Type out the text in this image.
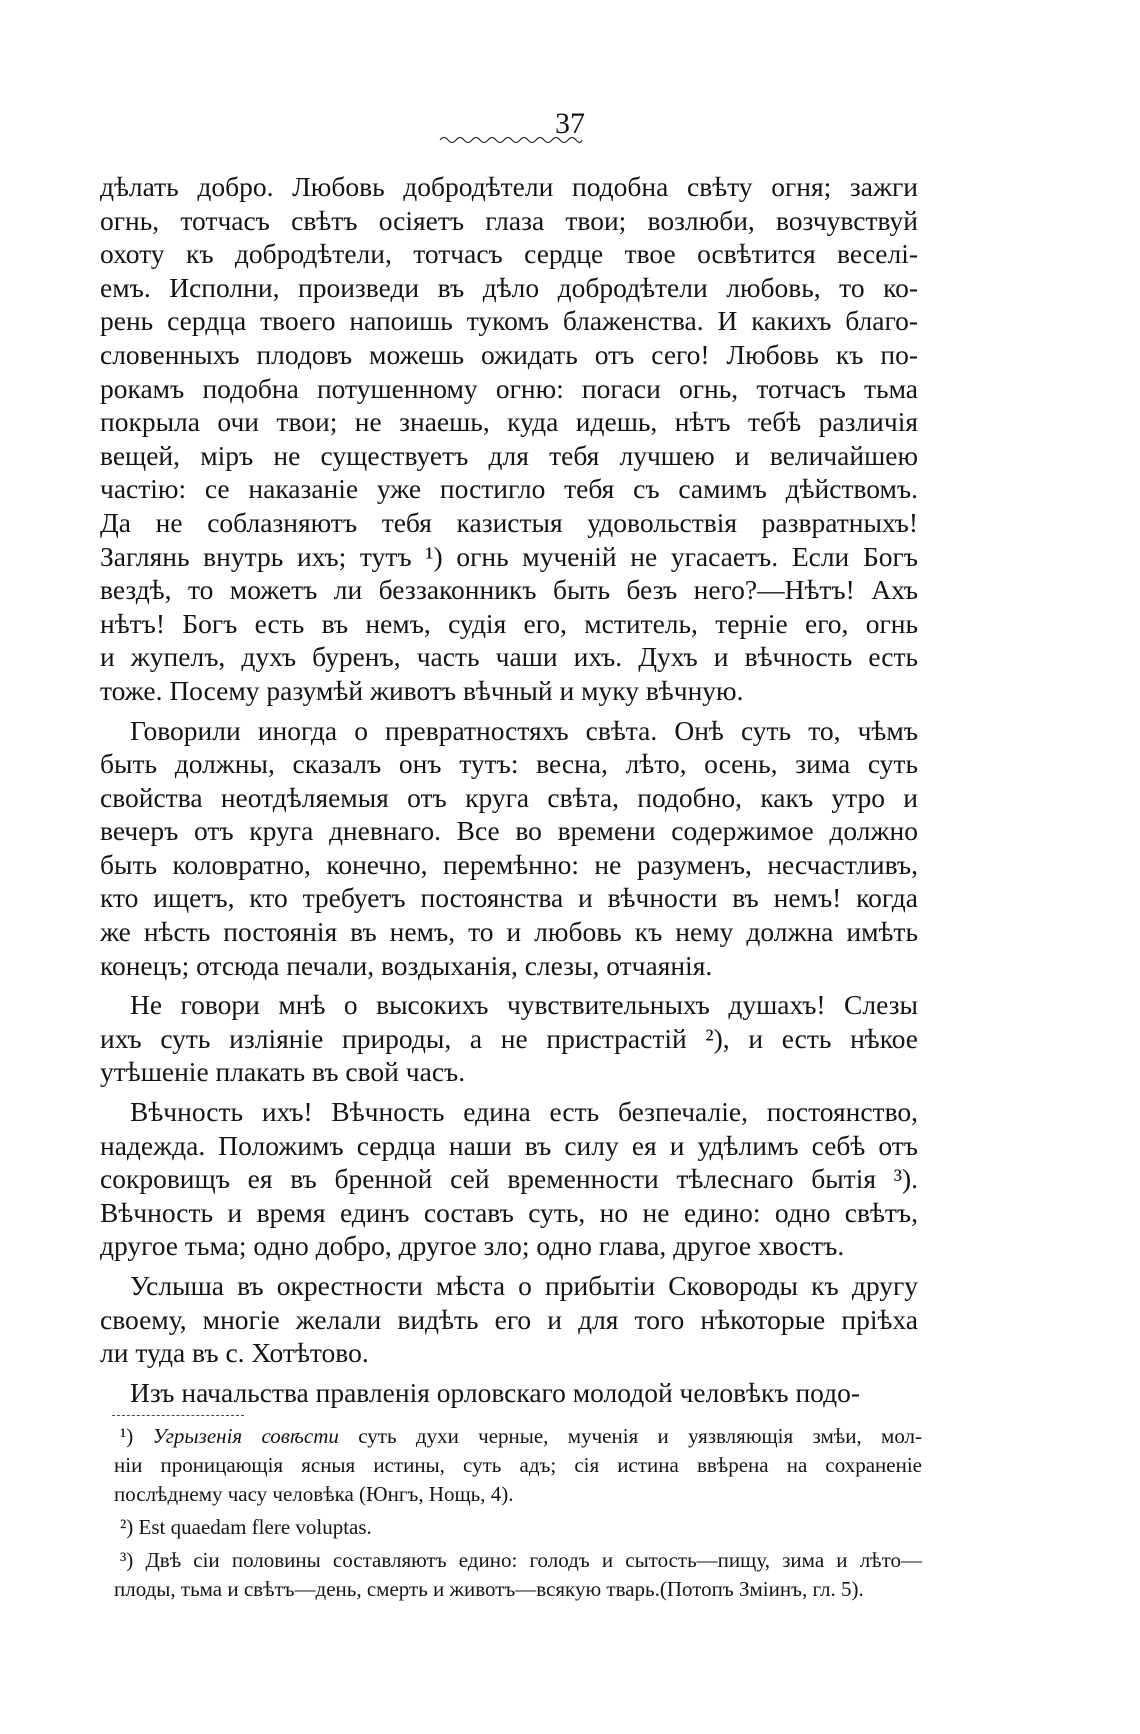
37
дѣлать добро. Любовь добродѣтели подобна свѣту огня; зажги
огнь, тотчасъ свѣтъ осіяетъ глаза твои; возлюби, возчувствуй
охоту къ добродѣтели, тотчасъ сердце твое освѣтится веселі-
емъ. Исполни, произведи въ дѣло добродѣтели любовь, то ко-
рень сердца твоего напоишь тукомъ блаженства. И какихъ благо-
словенныхъ плодовъ можешь ожидать отъ сего! Любовь къ по-
рокамъ подобна потушенному огню: погаси огнь, тотчасъ тьма
покрыла очи твои; не знаешь, куда идешь, нѣтъ тебѣ различія
вещей, міръ не существуетъ для тебя лучшею и величайшею
частію: се наказаніе уже постигло тебя съ самимъ дѣйствомъ.
Да не соблазняютъ тебя казистыя удовольствія развратныхъ!
Заглянь внутрь ихъ; тутъ ¹) огнь мученій не угасаетъ. Если Богъ
вездѣ, то можетъ ли беззаконникъ быть безъ него?—Нѣтъ! Ахъ
нѣтъ! Богъ есть въ немъ, судія его, мститель, терніе его, огнь
и жупелъ, духъ буренъ, часть чаши ихъ. Духъ и вѣчность есть
тоже. Посему разумѣй животъ вѣчный и муку вѣчную.
Говорили иногда о превратностяхъ свѣта. Онѣ суть то, чѣмъ
быть должны, сказалъ онъ тутъ: весна, лѣто, осень, зима суть
свойства неотдѣляемыя отъ круга свѣта, подобно, какъ утро и
вечеръ отъ круга дневнаго. Все во времени содержимое должно
быть коловратно, конечно, перемѣнно: не разуменъ, несчастливъ,
кто ищетъ, кто требуетъ постоянства и вѣчности въ немъ! когда
же нѣсть постоянія въ немъ, то и любовь къ нему должна имѣть
конецъ; отсюда печали, воздыханія, слезы, отчаянія.
Не говори мнѣ о высокихъ чувствительныхъ душахъ! Слезы
ихъ суть изліяніе природы, а не пристрастій ²), и есть нѣкое
утѣшеніе плакать въ свой часъ.
Вѣчность ихъ! Вѣчность едина есть безпечаліе, постоянство,
надежда. Положимъ сердца наши въ силу ея и удѣлимъ себѣ отъ
сокровищъ ея въ бренной сей временности тѣлеснаго бытія ³).
Вѣчность и время единъ составъ суть, но не едино: одно свѣтъ,
другое тьма; одно добро, другое зло; одно глава, другое хвостъ.
Услыша въ окрестности мѣста о прибытіи Сковороды къ другу
своему, многіе желали видѣть его и для того нѣкоторые пріѣха
ли туда въ с. Хотѣтово.
Изъ начальства правленія орловскаго молодой человѣкъ подо-
¹) Угрызенія совѣсти суть духи черные, мученія и уязвляющія змѣи, мол-
ніи проницающія ясныя истины, суть адъ; сія истина ввѣрена на сохраненіе
послѣднему часу человѣка (Юнгъ, Нощь, 4).
²) Est quaedam flere voluptas.
³) Двѣ сіи половины составляютъ едино: голодъ и сытость—пищу, зима и лѣто—
плоды, тьма и свѣтъ—день, смерть и животъ—всякую тварь.(Потопъ Зміинъ, гл. 5).
